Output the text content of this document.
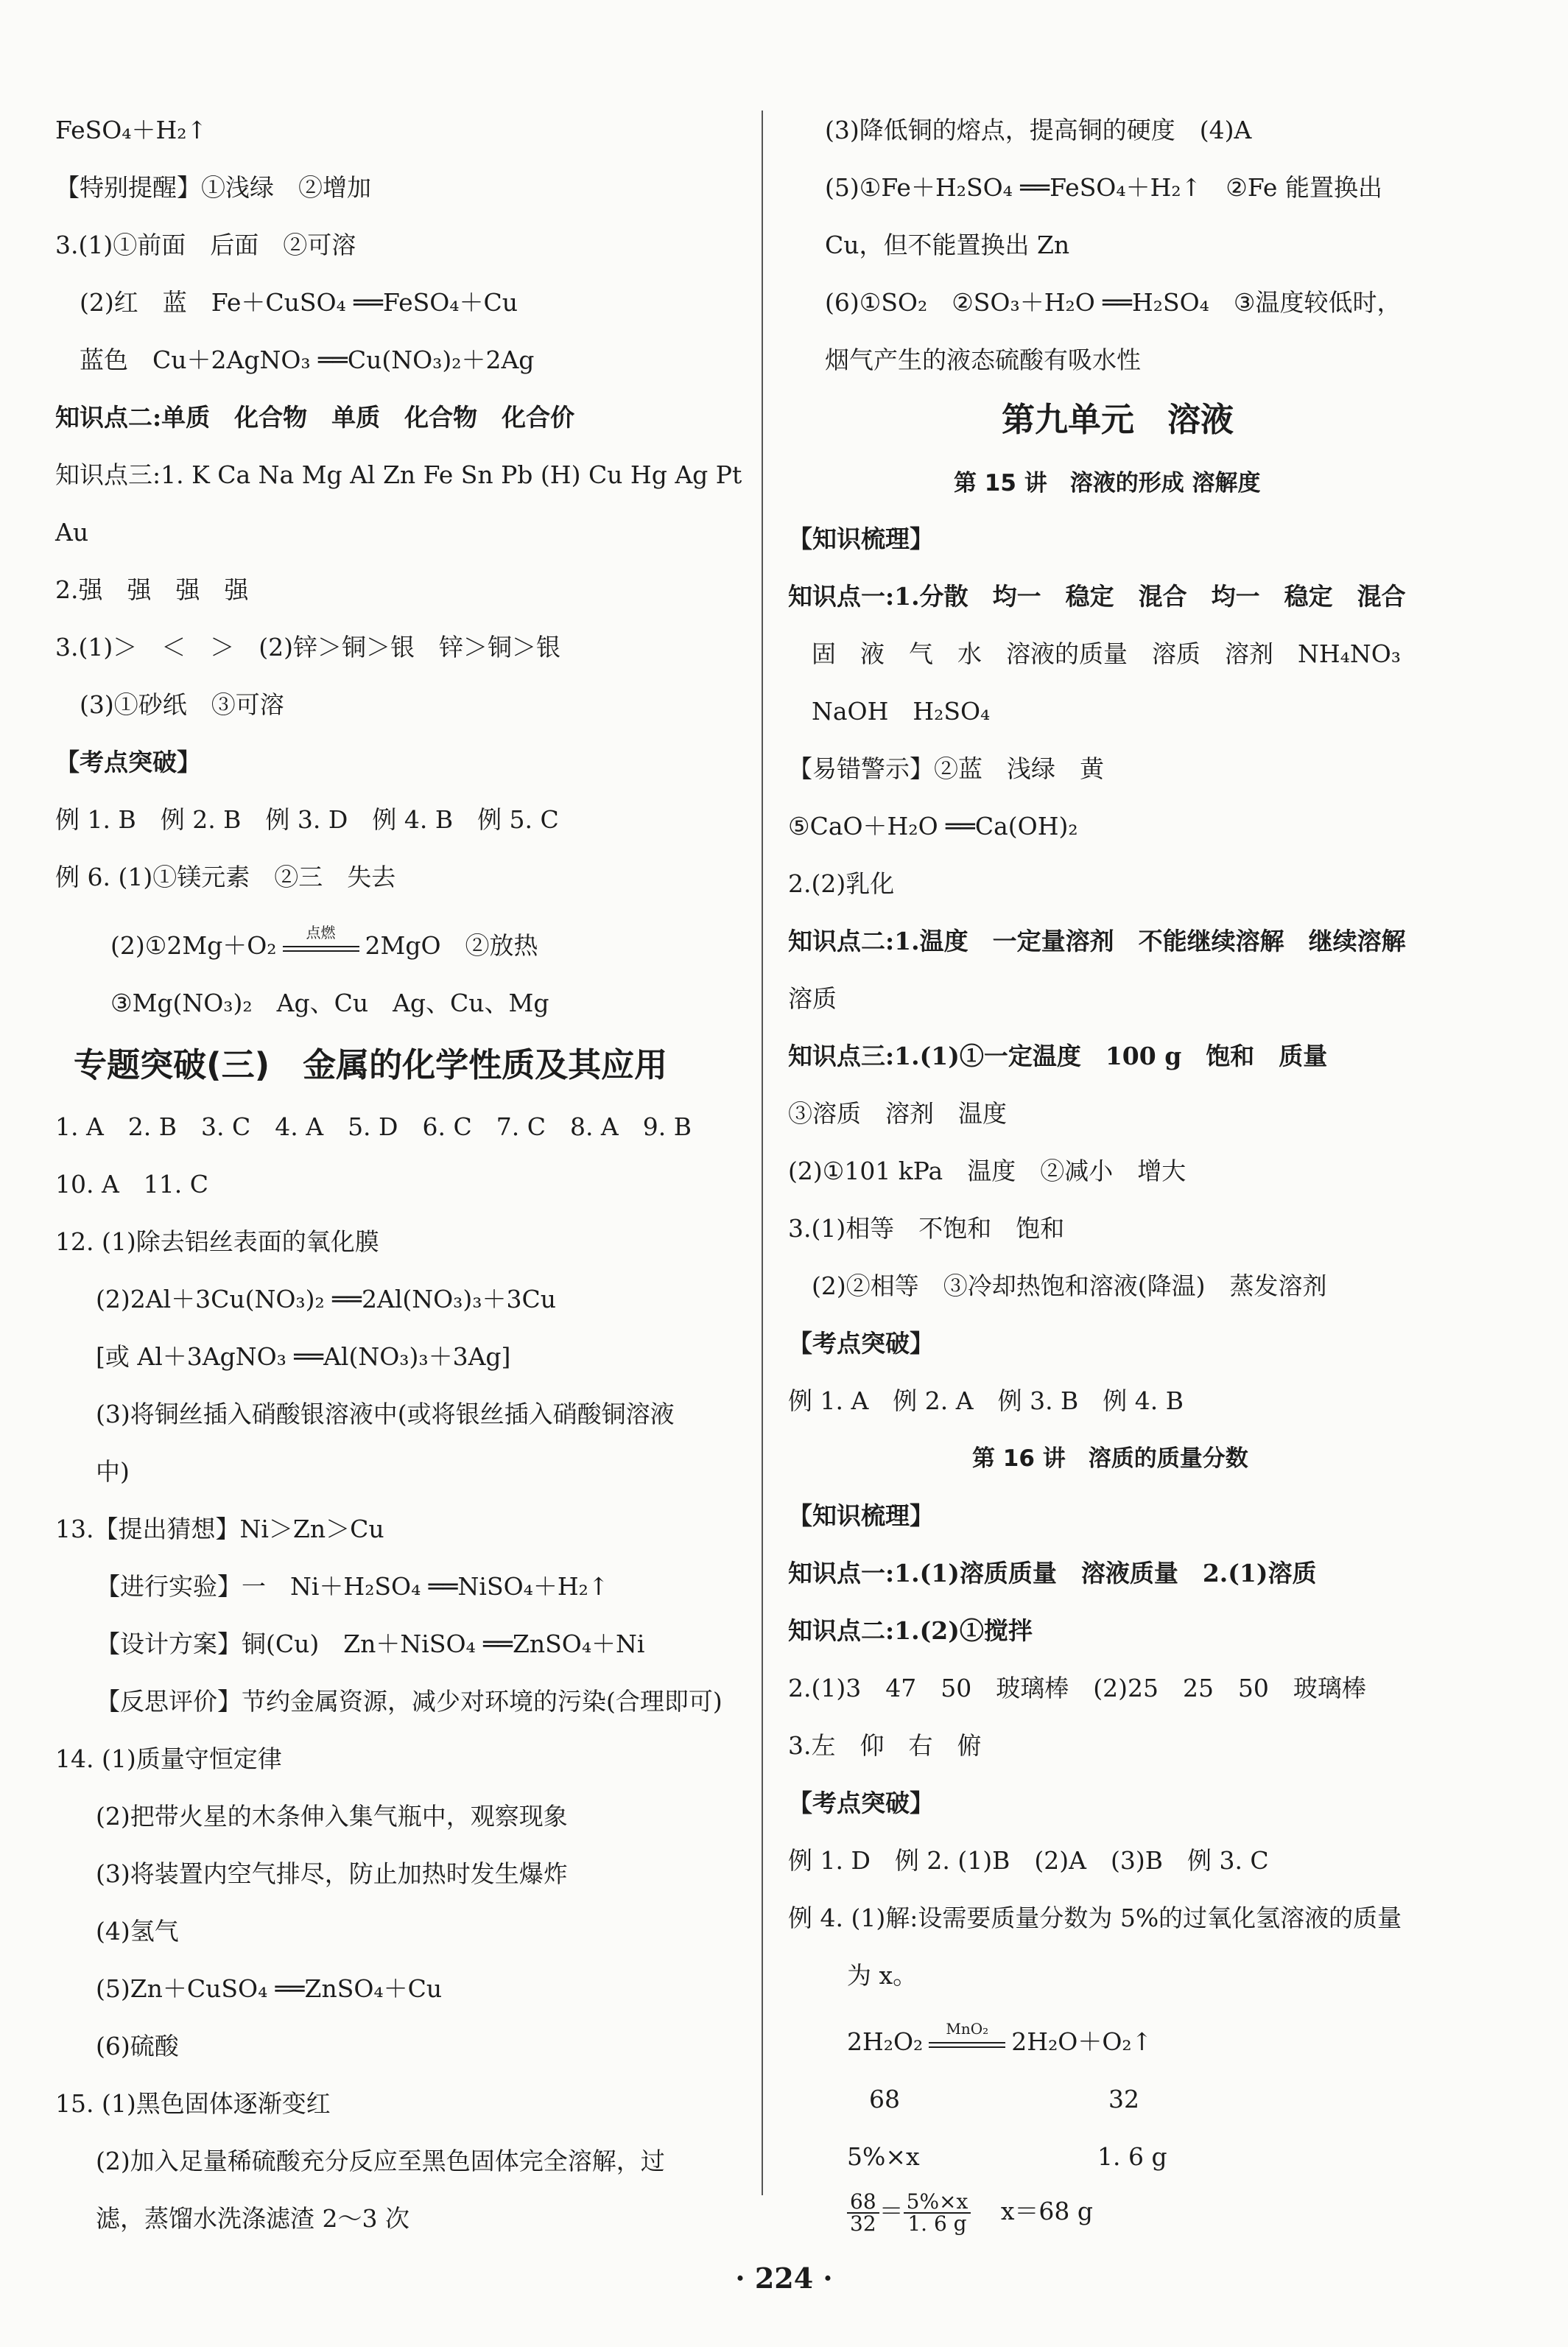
FeSO₄＋H₂↑
【特别提醒】①浅绿　②增加
3.(1)①前面　后面　②可溶
(2)红　蓝　Fe＋CuSO₄ ══FeSO₄＋Cu
蓝色　Cu＋2AgNO₃ ══Cu(NO₃)₂＋2Ag
知识点二:单质　化合物　单质　化合物　化合价
知识点三:1. K Ca Na Mg Al Zn Fe Sn Pb (H) Cu Hg Ag Pt
Au
2.强　强　强　强
3.(1)＞　＜　＞　(2)锌＞铜＞银　锌＞铜＞银
(3)①砂纸　③可溶
【考点突破】
例 1. B　例 2. B　例 3. D　例 4. B　例 5. C
例 6. (1)①镁元素　②三　失去
(2)①2Mg＋O₂	点燃	2MgO　②放热
③Mg(NO₃)₂　Ag、Cu　Ag、Cu、Mg
专题突破(三)　金属的化学性质及其应用
1. A　2. B　3. C　4. A　5. D　6. C　7. C　8. A　9. B
10. A　11. C
12. (1)除去铝丝表面的氧化膜
(2)2Al＋3Cu(NO₃)₂ ══2Al(NO₃)₃＋3Cu
[或 Al＋3AgNO₃ ══Al(NO₃)₃＋3Ag]
(3)将铜丝插入硝酸银溶液中(或将银丝插入硝酸铜溶液
中)
13.【提出猜想】Ni＞Zn＞Cu
【进行实验】一　Ni＋H₂SO₄ ══NiSO₄＋H₂↑
【设计方案】铜(Cu)　Zn＋NiSO₄ ══ZnSO₄＋Ni
【反思评价】节约金属资源，减少对环境的污染(合理即可)
14. (1)质量守恒定律
(2)把带火星的木条伸入集气瓶中，观察现象
(3)将装置内空气排尽，防止加热时发生爆炸
(4)氢气
(5)Zn＋CuSO₄ ══ZnSO₄＋Cu
(6)硫酸
15. (1)黑色固体逐渐变红
(2)加入足量稀硫酸充分反应至黑色固体完全溶解，过
滤，蒸馏水洗涤滤渣 2～3 次
(3)降低铜的熔点，提高铜的硬度　(4)A
(5)①Fe＋H₂SO₄ ══FeSO₄＋H₂↑　②Fe 能置换出
Cu，但不能置换出 Zn
(6)①SO₂　②SO₃＋H₂O ══H₂SO₄　③温度较低时，
烟气产生的液态硫酸有吸水性
第九单元　溶液
第 15 讲　溶液的形成 溶解度
【知识梳理】
知识点一:1.分散　均一　稳定　混合　均一　稳定　混合
固　液　气　水　溶液的质量　溶质　溶剂　NH₄NO₃
NaOH　H₂SO₄
【易错警示】②蓝　浅绿　黄
⑤CaO＋H₂O ══Ca(OH)₂
2.(2)乳化
知识点二:1.温度　一定量溶剂　不能继续溶解　继续溶解
溶质
知识点三:1.(1)①一定温度　100 g　饱和　质量
③溶质　溶剂　温度
(2)①101 kPa　温度　②减小　增大
3.(1)相等　不饱和　饱和
(2)②相等　③冷却热饱和溶液(降温)　蒸发溶剂
【考点突破】
例 1. A　例 2. A　例 3. B　例 4. B
第 16 讲　溶质的质量分数
【知识梳理】
知识点一:1.(1)溶质质量　溶液质量　2.(1)溶质
知识点二:1.(2)①搅拌
2.(1)3　47　50　玻璃棒　(2)25　25　50　玻璃棒
3.左　仰　右　俯
【考点突破】
例 1. D　例 2. (1)B　(2)A　(3)B　例 3. C
例 4. (1)解:设需要质量分数为 5%的过氧化氢溶液的质量
为 x。
2H₂O₂	MnO₂ 2H₂O＋O₂↑
68	32
5%×x	1. 6 g
$\frac{68}{32} = \frac{5\%\times x}{1. 6 g} x=68$ g
· 224 ·
